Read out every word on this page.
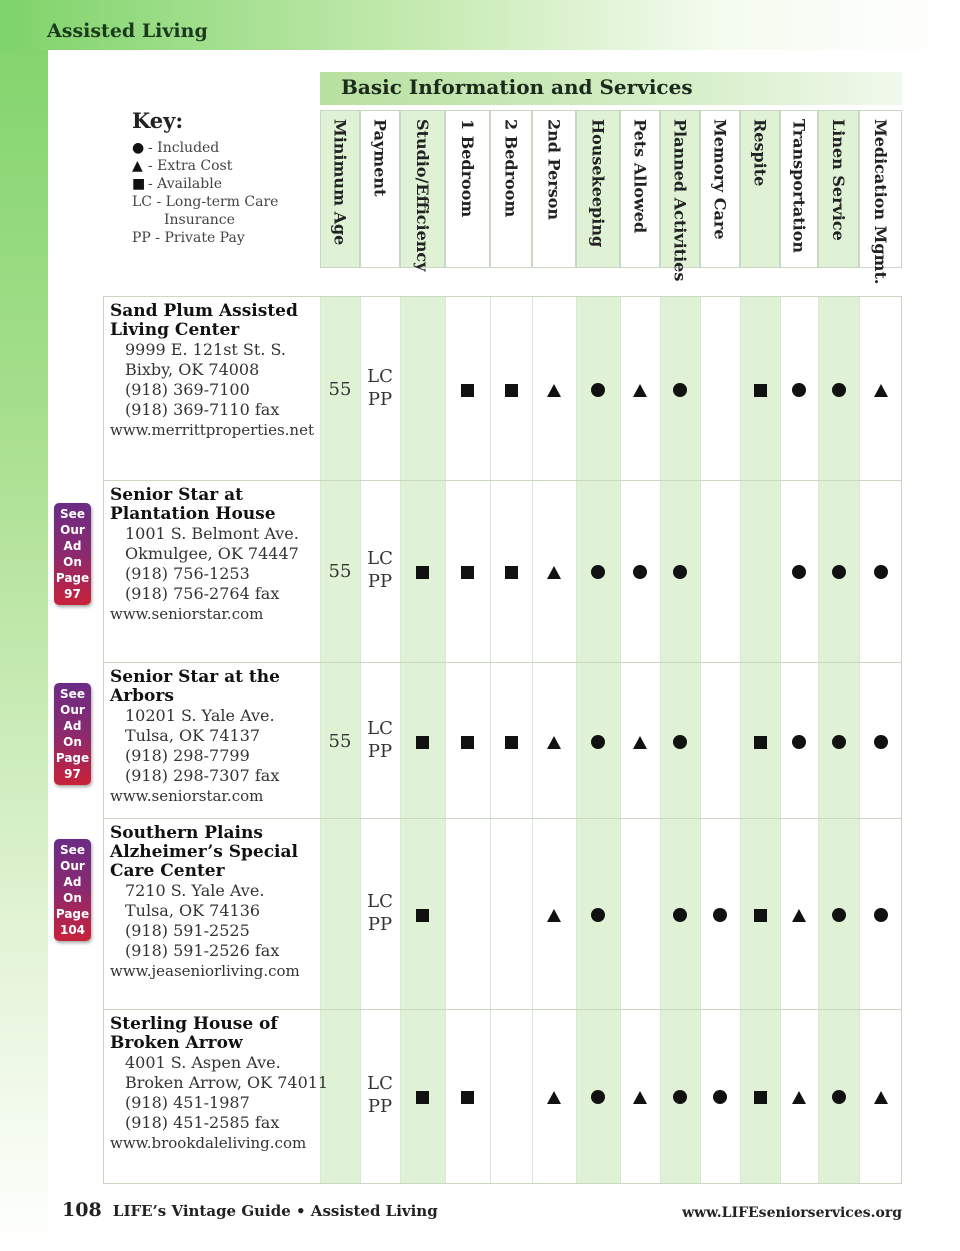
Assisted Living
Key:
● - Included
▲ - Extra Cost
■ - Available
LC - Long-term Care
Insurance
PP - Private Pay
Basic Information and Services
Minimum Age Payment Studio/Efficiency 1 Bedroom 2 Bedroom 2nd Person Housekeeping Pets Allowed Planned Activities Memory Care Respite Transportation Linen Service Medication Mgmt.
Sand Plum Assisted
Living Center
9999 E. 121st St. S.
Bixby, OK 74008
(918) 369-7100
(918) 369-7110 fax
www.merrittproperties.net
55
LC
PP
Senior Star at
Plantation House
1001 S. Belmont Ave.
Okmulgee, OK 74447
(918) 756-1253
(918) 756-2764 fax
www.seniorstar.com
55
LC
PP
See
Our
Ad On
Page
97
Senior Star at the Arbors
10201 S. Yale Ave.
Tulsa, OK 74137
(918) 298-7799
(918) 298-7307 fax
www.seniorstar.com
55
LC
PP
See
Our
Ad On
Page
97
Southern Plains
Alzheimer’s Special
Care Center
7210 S. Yale Ave.
Tulsa, OK 74136
(918) 591-2525
(918) 591-2526 fax
www.jeaseniorliving.com
LC
PP
See
Our
Ad On
Page
104
Sterling House of
Broken Arrow
4001 S. Aspen Ave.
Broken Arrow, OK 74011
(918) 451-1987
(918) 451-2585 fax
www.brookdaleliving.com
LC
PP
108 LIFE’s Vintage Guide • Assisted Living	www.LIFEseniorservices.org
